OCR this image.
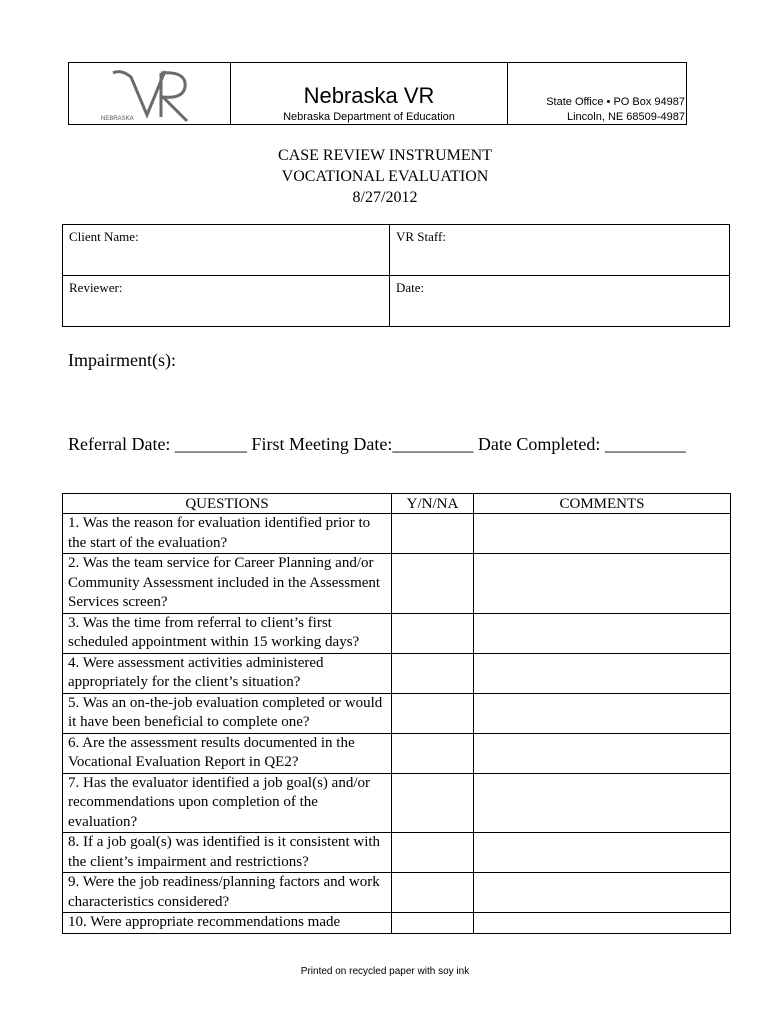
NEBRASKA
Nebraska VR
Nebraska Department of Education
State Office • PO Box 94987
Lincoln, NE 68509-4987
CASE REVIEW INSTRUMENT
VOCATIONAL EVALUATION
8/27/2012
Client Name:	VR Staff:
Reviewer:	Date:
Impairment(s):
Referral Date: ________ First Meeting Date:_________ Date Completed: _________
QUESTIONS	Y/N/NA	COMMENTS
1. Was the reason for evaluation identified prior to the start of the evaluation?		
2. Was the team service for Career Planning and/or Community Assessment included in the Assessment Services screen?		
3. Was the time from referral to client’s first scheduled appointment within 15 working days?		
4. Were assessment activities administered appropriately for the client’s situation?		
5. Was an on-the-job evaluation completed or would it have been beneficial to complete one?		
6. Are the assessment results documented in the Vocational Evaluation Report in QE2?		
7. Has the evaluator identified a job goal(s) and/or recommendations upon completion of the evaluation?		
8. If a job goal(s) was identified is it consistent with the client’s impairment and restrictions?		
9. Were the job readiness/planning factors and work characteristics considered?		
10. Were appropriate recommendations made		
Printed on recycled paper with soy ink
